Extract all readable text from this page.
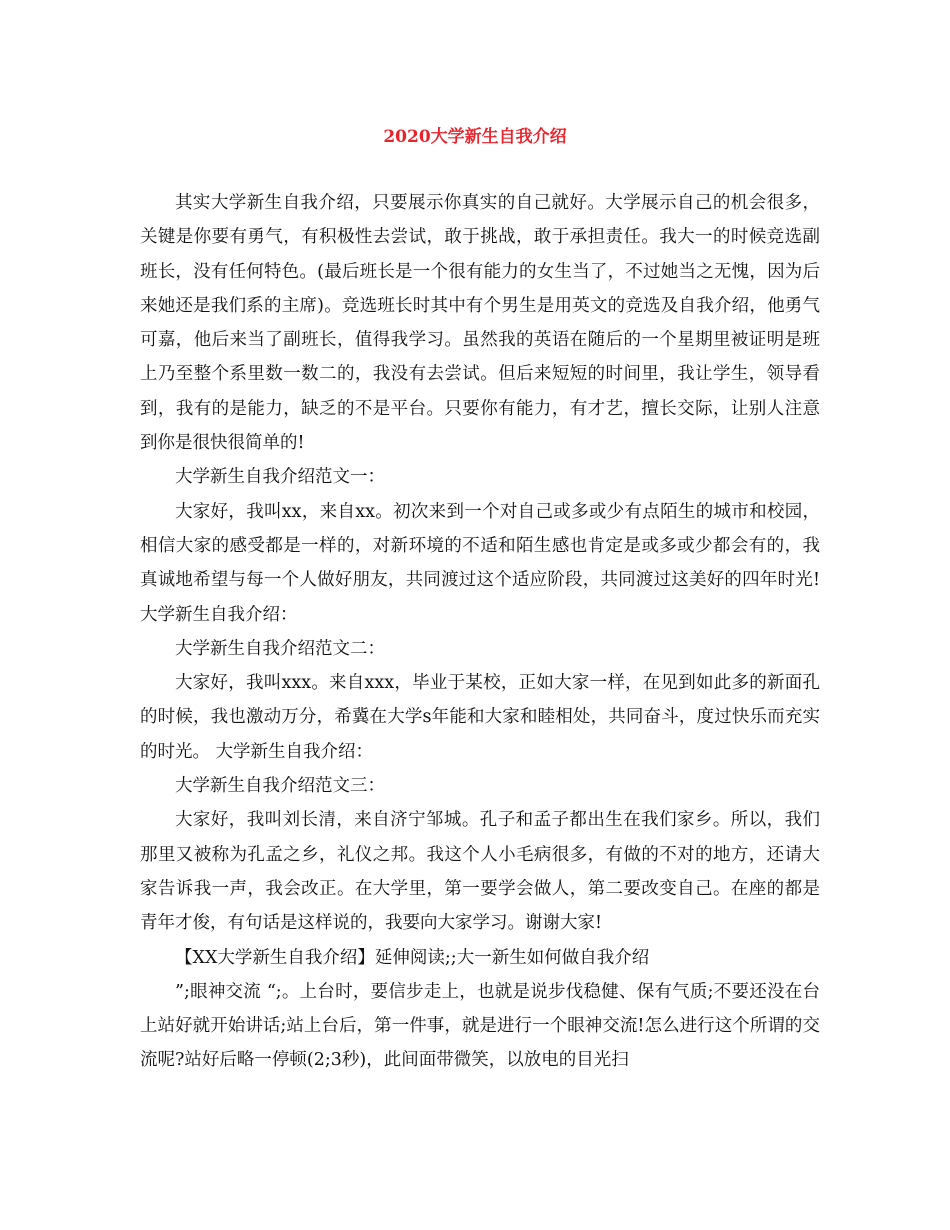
2020大学新生自我介绍

其实大学新生自我介绍，只要展示你真实的自己就好。大学展示自己的机会很多，关键是你要有勇气，有积极性去尝试，敢于挑战，敢于承担责任。我大一的时候竞选副班长，没有任何特色。(最后班长是一个很有能力的女生当了，不过她当之无愧，因为后来她还是我们系的主席)。竞选班长时其中有个男生是用英文的竞选及自我介绍，他勇气可嘉，他后来当了副班长，值得我学习。虽然我的英语在随后的一个星期里被证明是班上乃至整个系里数一数二的，我没有去尝试。但后来短短的时间里，我让学生，领导看到，我有的是能力，缺乏的不是平台。只要你有能力，有才艺，擅长交际，让别人注意到你是很快很简单的!

大学新生自我介绍范文一：

大家好，我叫xx，来自xx。初次来到一个对自己或多或少有点陌生的城市和校园，相信大家的感受都是一样的，对新环境的不适和陌生感也肯定是或多或少都会有的，我真诚地希望与每一个人做好朋友，共同渡过这个适应阶段，共同渡过这美好的四年时光! 大学新生自我介绍：

大学新生自我介绍范文二：

大家好，我叫xxx。来自xxx，毕业于某校，正如大家一样，在见到如此多的新面孔的时候，我也激动万分，希冀在大学s年能和大家和睦相处，共同奋斗，度过快乐而充实的时光。 大学新生自我介绍：

大学新生自我介绍范文三：

大家好，我叫刘长清，来自济宁邹城。孔子和孟子都出生在我们家乡。所以，我们那里又被称为孔孟之乡，礼仪之邦。我这个人小毛病很多，有做的不对的地方，还请大家告诉我一声，我会改正。在大学里，第一要学会做人，第二要改变自己。在座的都是青年才俊，有句话是这样说的，我要向大家学习。谢谢大家!

【XX大学新生自我介绍】延伸阅读;;大一新生如何做自我介绍

”;眼神交流 “;。上台时，要信步走上，也就是说步伐稳健、保有气质;不要还没在台上站好就开始讲话;站上台后，第一件事，就是进行一个眼神交流!怎么进行这个所谓的交流呢?站好后略一停顿(2;3秒)，此间面带微笑，以放电的目光扫
